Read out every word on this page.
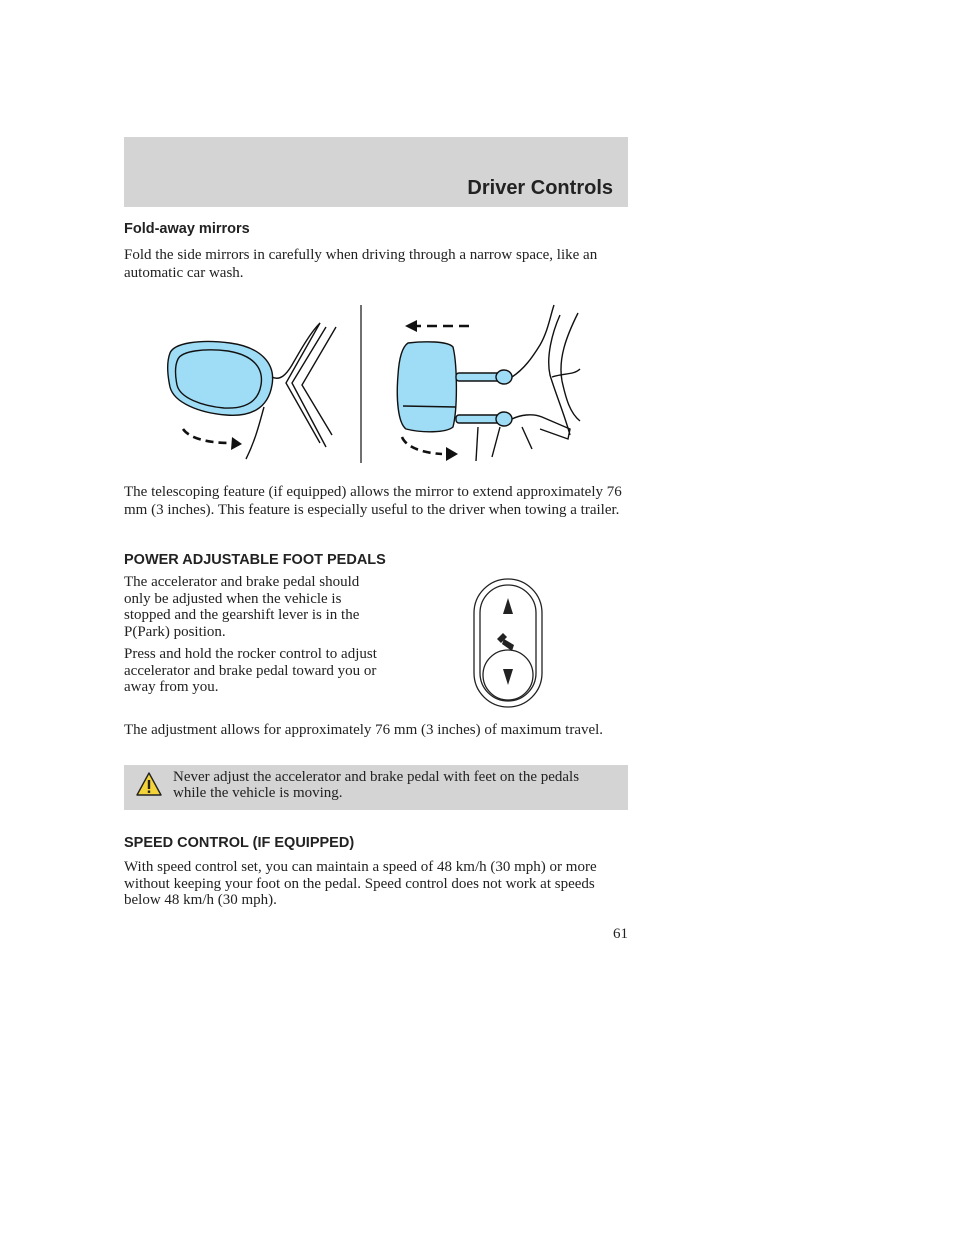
Driver Controls
Fold-away mirrors
Fold the side mirrors in carefully when driving through a narrow space, like an automatic car wash.
The telescoping feature (if equipped) allows the mirror to extend approximately 76 mm (3 inches). This feature is especially useful to the driver when towing a trailer.
POWER ADJUSTABLE FOOT PEDALS
The accelerator and brake pedal should only be adjusted when the vehicle is stopped and the gearshift lever is in the P(Park) position.
Press and hold the rocker control to adjust accelerator and brake pedal toward you or away from you.
The adjustment allows for approximately 76 mm (3 inches) of maximum travel.
Never adjust the accelerator and brake pedal with feet on the pedals while the vehicle is moving.
SPEED CONTROL (IF EQUIPPED)
With speed control set, you can maintain a speed of 48 km/h (30 mph) or more without keeping your foot on the pedal. Speed control does not work at speeds below 48 km/h (30 mph).
61
